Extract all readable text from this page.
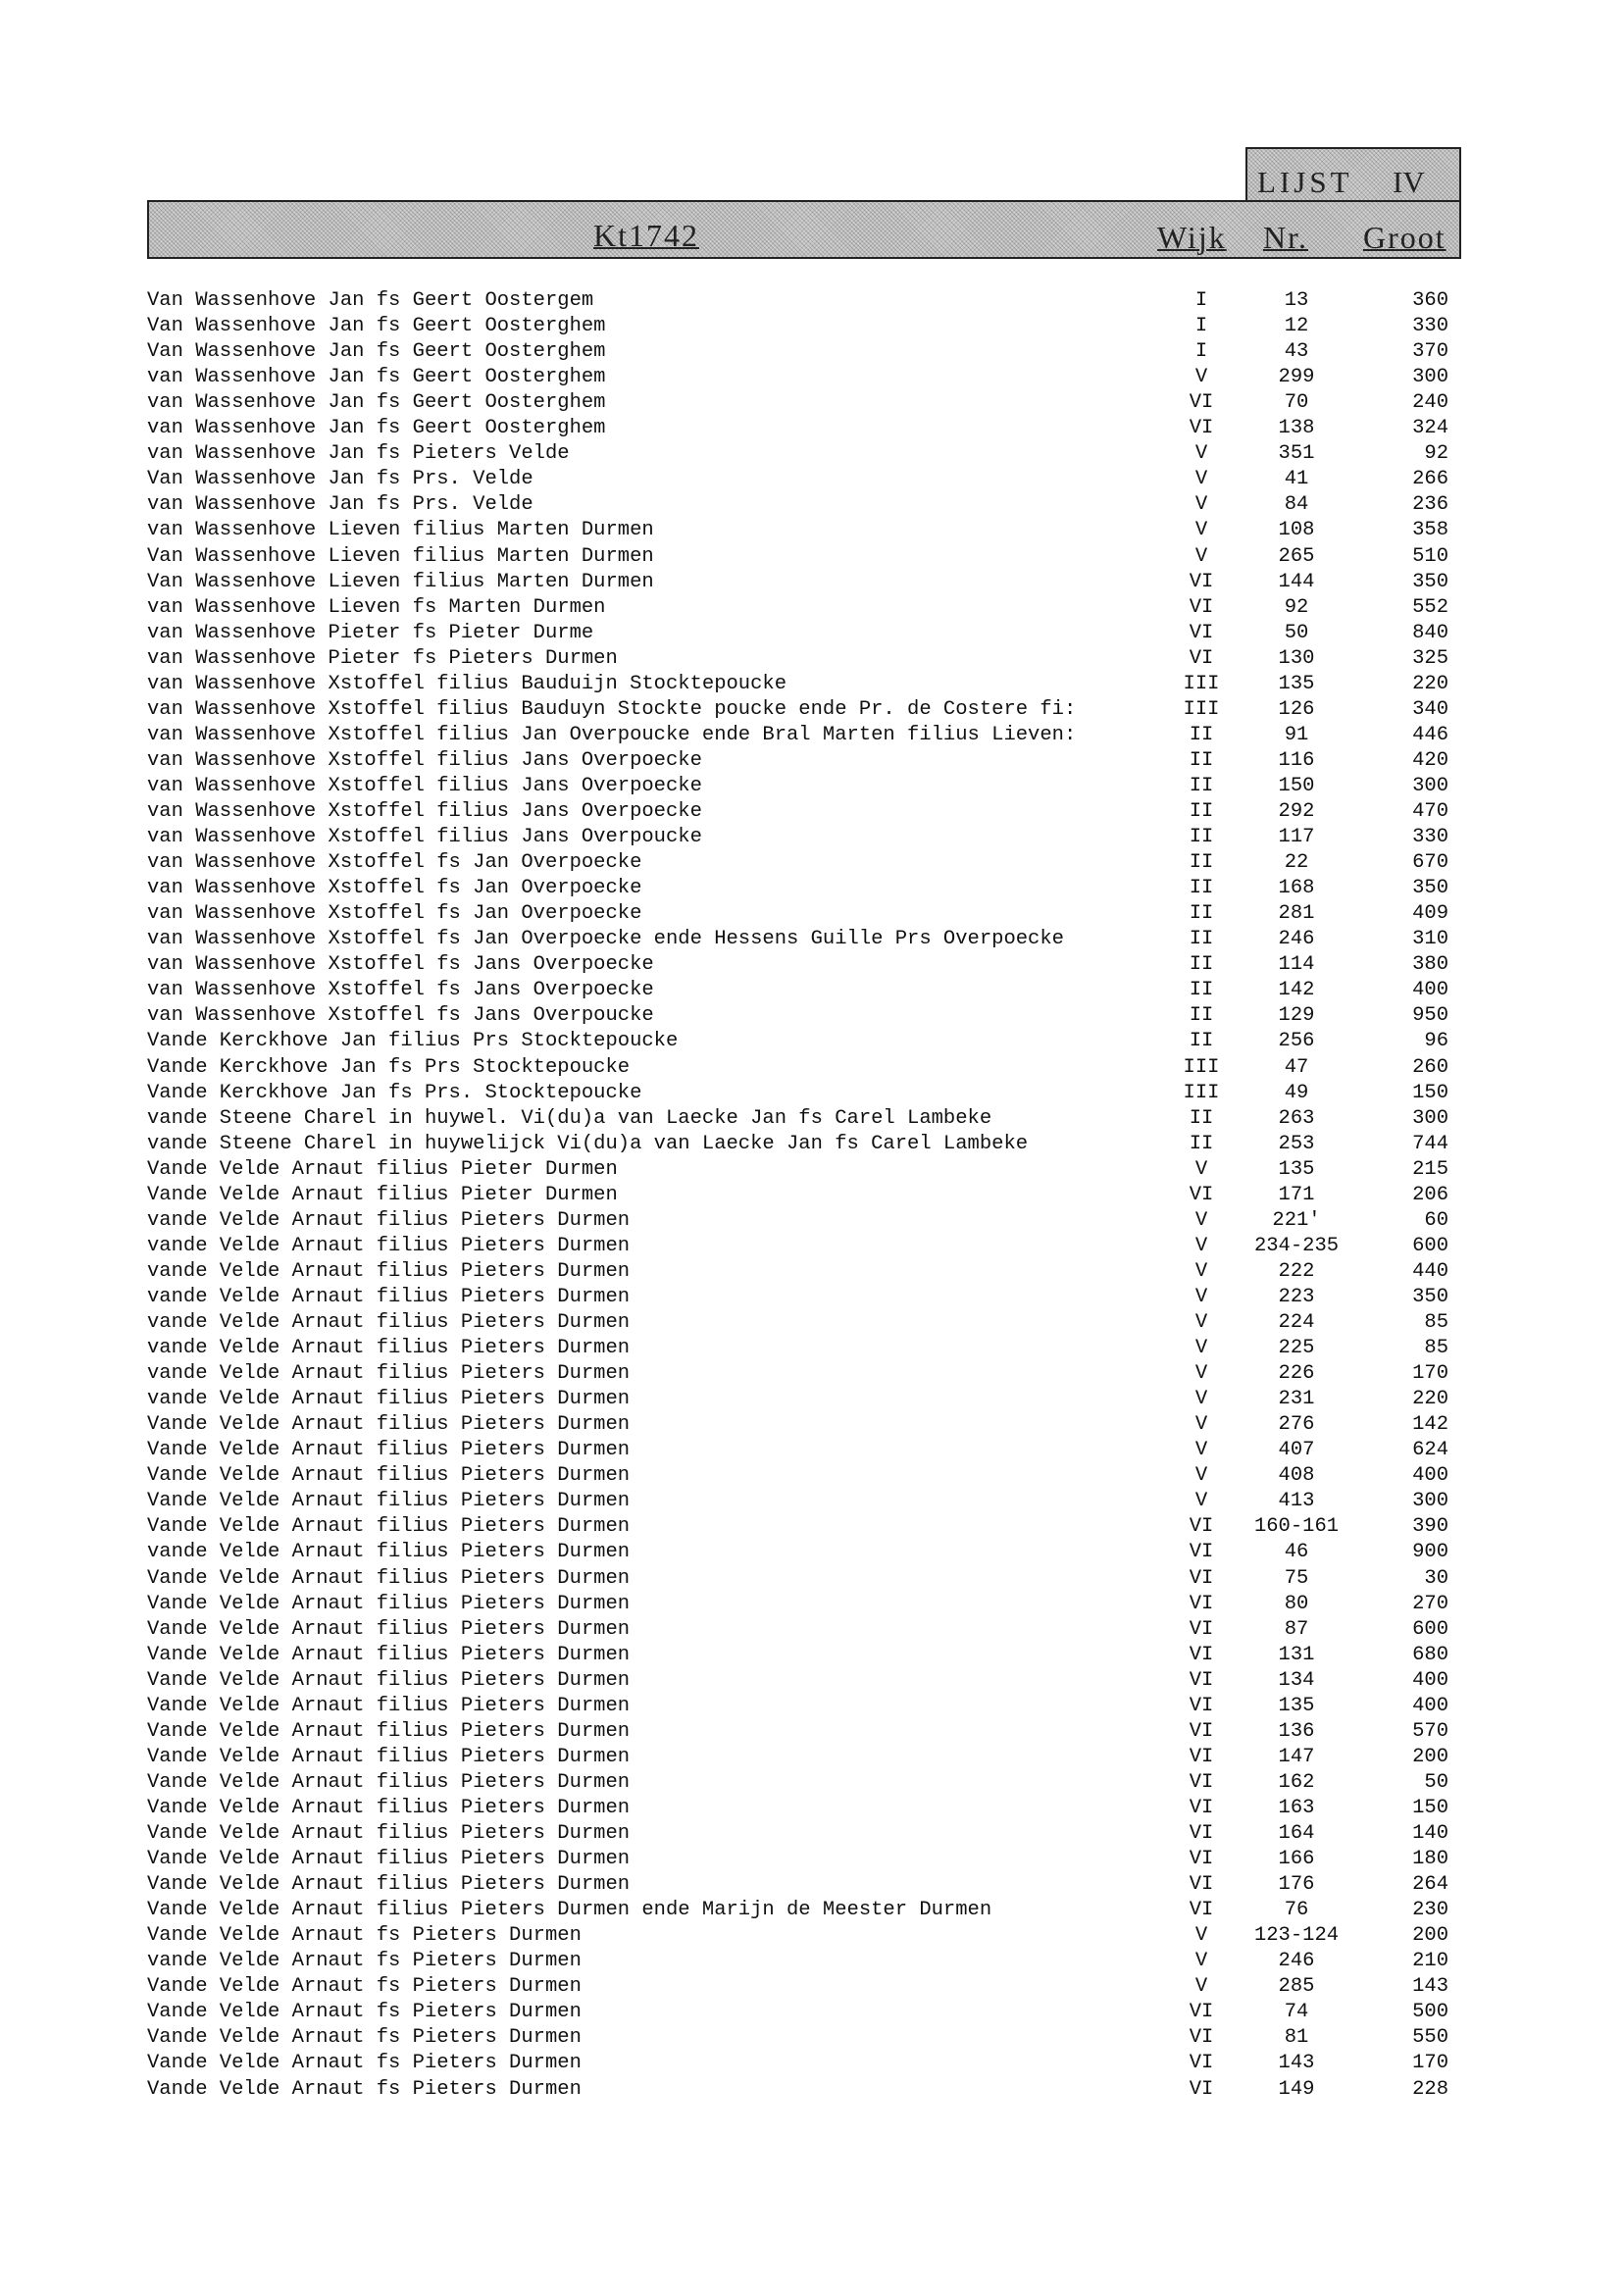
LIJST IV
Kt1742	Wijk Nr. Groot
Van Wassenhove Jan fs Geert Oostergem	I	13	360
Van Wassenhove Jan fs Geert Oosterghem	I	12	330
Van Wassenhove Jan fs Geert Oosterghem	I	43	370
van Wassenhove Jan fs Geert Oosterghem	V	299	300
van Wassenhove Jan fs Geert Oosterghem	VI	70	240
van Wassenhove Jan fs Geert Oosterghem	VI	138	324
van Wassenhove Jan fs Pieters Velde	V	351	92
Van Wassenhove Jan fs Prs. Velde	V	41	266
van Wassenhove Jan fs Prs. Velde	V	84	236
van Wassenhove Lieven filius Marten Durmen	V	108	358
Van Wassenhove Lieven filius Marten Durmen	V	265	510
Van Wassenhove Lieven filius Marten Durmen	VI	144	350
van Wassenhove Lieven fs Marten Durmen	VI	92	552
van Wassenhove Pieter fs Pieter Durme	VI	50	840
van Wassenhove Pieter fs Pieters Durmen	VI	130	325
van Wassenhove Xstoffel filius Bauduijn Stocktepoucke	III	135	220
van Wassenhove Xstoffel filius Bauduyn Stockte poucke ende Pr. de Costere fi:	III	126	340
van Wassenhove Xstoffel filius Jan Overpoucke ende Bral Marten filius Lieven:	II	91	446
van Wassenhove Xstoffel filius Jans Overpoecke	II	116	420
van Wassenhove Xstoffel filius Jans Overpoecke	II	150	300
van Wassenhove Xstoffel filius Jans Overpoecke	II	292	470
van Wassenhove Xstoffel filius Jans Overpoucke	II	117	330
van Wassenhove Xstoffel fs Jan Overpoecke	II	22	670
van Wassenhove Xstoffel fs Jan Overpoecke	II	168	350
van Wassenhove Xstoffel fs Jan Overpoecke	II	281	409
van Wassenhove Xstoffel fs Jan Overpoecke ende Hessens Guille Prs Overpoecke	II	246	310
van Wassenhove Xstoffel fs Jans Overpoecke	II	114	380
van Wassenhove Xstoffel fs Jans Overpoecke	II	142	400
van Wassenhove Xstoffel fs Jans Overpoucke	II	129	950
Vande Kerckhove Jan filius Prs Stocktepoucke	II	256	96
Vande Kerckhove Jan fs Prs Stocktepoucke	III	47	260
Vande Kerckhove Jan fs Prs. Stocktepoucke	III	49	150
vande Steene Charel in huywel. Vi(du)a van Laecke Jan fs Carel Lambeke	II	263	300
vande Steene Charel in huywelijck Vi(du)a van Laecke Jan fs Carel Lambeke	II	253	744
Vande Velde Arnaut filius Pieter Durmen	V	135	215
Vande Velde Arnaut filius Pieter Durmen	VI	171	206
vande Velde Arnaut filius Pieters Durmen	V	221'	60
vande Velde Arnaut filius Pieters Durmen	V	234-235	600
vande Velde Arnaut filius Pieters Durmen	V	222	440
vande Velde Arnaut filius Pieters Durmen	V	223	350
vande Velde Arnaut filius Pieters Durmen	V	224	85
vande Velde Arnaut filius Pieters Durmen	V	225	85
vande Velde Arnaut filius Pieters Durmen	V	226	170
vande Velde Arnaut filius Pieters Durmen	V	231	220
Vande Velde Arnaut filius Pieters Durmen	V	276	142
Vande Velde Arnaut filius Pieters Durmen	V	407	624
Vande Velde Arnaut filius Pieters Durmen	V	408	400
Vande Velde Arnaut filius Pieters Durmen	V	413	300
Vande Velde Arnaut filius Pieters Durmen	VI	160-161	390
vande Velde Arnaut filius Pieters Durmen	VI	46	900
Vande Velde Arnaut filius Pieters Durmen	VI	75	30
Vande Velde Arnaut filius Pieters Durmen	VI	80	270
Vande Velde Arnaut filius Pieters Durmen	VI	87	600
Vande Velde Arnaut filius Pieters Durmen	VI	131	680
Vande Velde Arnaut filius Pieters Durmen	VI	134	400
Vande Velde Arnaut filius Pieters Durmen	VI	135	400
Vande Velde Arnaut filius Pieters Durmen	VI	136	570
Vande Velde Arnaut filius Pieters Durmen	VI	147	200
Vande Velde Arnaut filius Pieters Durmen	VI	162	50
Vande Velde Arnaut filius Pieters Durmen	VI	163	150
Vande Velde Arnaut filius Pieters Durmen	VI	164	140
Vande Velde Arnaut filius Pieters Durmen	VI	166	180
Vande Velde Arnaut filius Pieters Durmen	VI	176	264
Vande Velde Arnaut filius Pieters Durmen ende Marijn de Meester Durmen	VI	76	230
Vande Velde Arnaut fs Pieters Durmen	V	123-124	200
vande Velde Arnaut fs Pieters Durmen	V	246	210
Vande Velde Arnaut fs Pieters Durmen	V	285	143
Vande Velde Arnaut fs Pieters Durmen	VI	74	500
Vande Velde Arnaut fs Pieters Durmen	VI	81	550
Vande Velde Arnaut fs Pieters Durmen	VI	143	170
Vande Velde Arnaut fs Pieters Durmen	VI	149	228
